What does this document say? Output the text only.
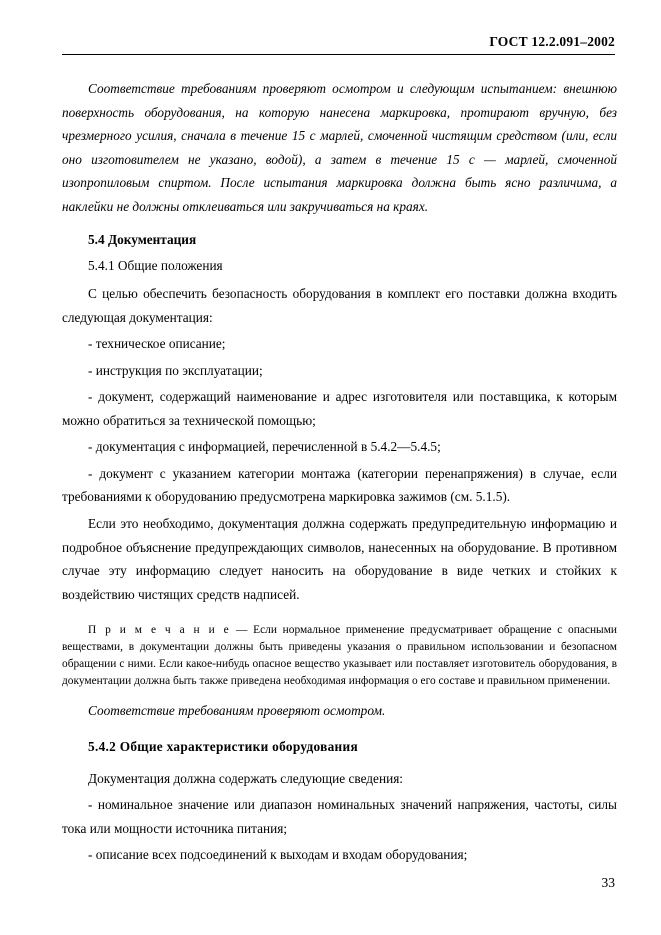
ГОСТ 12.2.091–2002

Соответствие требованиям проверяют осмотром и следующим испытанием: внешнюю поверхность оборудования, на которую нанесена маркировка, протирают вручную, без чрезмерного усилия, сначала в течение 15 с марлей, смоченной чистящим средством (или, если оно изготовителем не указано, водой), а затем в течение 15 с — марлей, смоченной изопропиловым спиртом. После испытания маркировка должна быть ясно различима, а наклейки не должны отклеиваться или закручиваться на краях.

5.4 Документация

5.4.1 Общие положения

С целью обеспечить безопасность оборудования в комплект его поставки должна входить следующая документация:

- техническое описание;

- инструкция по эксплуатации;

- документ, содержащий наименование и адрес изготовителя или поставщика, к которым можно обратиться за технической помощью;

- документация с информацией, перечисленной в 5.4.2—5.4.5;

- документ с указанием категории монтажа (категории перенапряжения) в случае, если требованиями к оборудованию предусмотрена маркировка зажимов (см. 5.1.5).

Если это необходимо, документация должна содержать предупредительную информацию и подробное объяснение предупреждающих символов, нанесенных на оборудование. В противном случае эту информацию следует наносить на оборудование в виде четких и стойких к воздействию чистящих средств надписей.

П р и м е ч а н и е — Если нормальное применение предусматривает обращение с опасными веществами, в документации должны быть приведены указания о правильном использовании и безопасном обращении с ними. Если какое-нибудь опасное вещество указывает или поставляет изготовитель оборудования, в документации должна быть также приведена необходимая информация о его составе и правильном применении.

Соответствие требованиям проверяют осмотром.

5.4.2 Общие характеристики оборудования

Документация должна содержать следующие сведения:

- номинальное значение или диапазон номинальных значений напряжения, частоты, силы тока или мощности источника питания;

- описание всех подсоединений к выходам и входам оборудования;

33
